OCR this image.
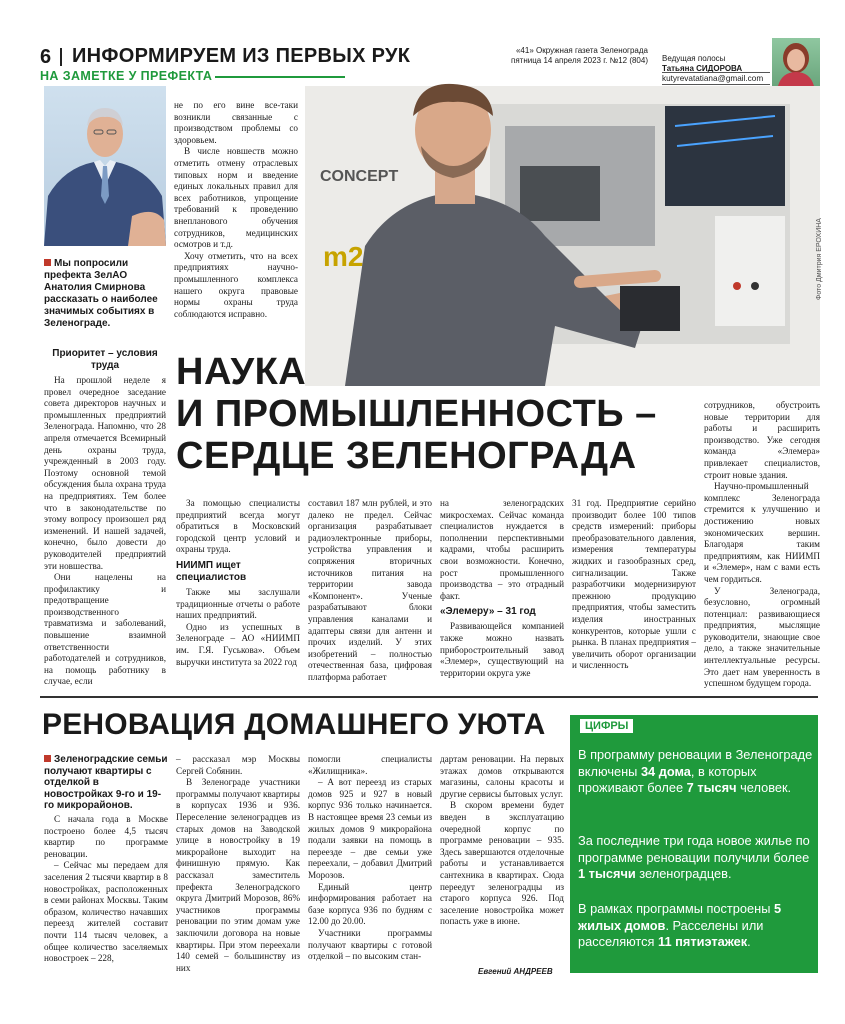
6 ИНФОРМИРУЕМ ИЗ ПЕРВЫХ РУК
НА ЗАМЕТКЕ У ПРЕФЕКТА
«41» Окружная газета Зеленограда
пятница 14 апреля 2023 г. №12 (804) Ведущая полосы
Татьяна СИДОРОВА
kutyrevatatiana@gmail.com
Мы попросили префекта ЗелАО Анатолия Смирнова рассказать о наиболее значимых событиях в Зеленограде.
Приоритет – условия труда

На прошлой неделе я провел очередное заседание совета директоров научных и промышленных предприятий Зеленограда. Напомню, что 28 апреля отмечается Всемирный день охраны труда, учрежденный в 2003 году. Поэтому основной темой обсуждения была охрана труда на предприятиях. Тем более что в законодательстве по этому вопросу произошел ряд изменений. И нашей задачей, конечно, было довести до руководителей предприятий эти новшества.

Они нацелены на профилактику и предотвращение производственного травматизма и заболеваний, повышение взаимной ответственности работодателей и сотрудников, на помощь работнику в случае, если

не по его вине все-таки возникли связанные с производством проблемы со здоровьем.

В числе новшеств можно отметить отмену отраслевых типовых норм и введение единых локальных правил для всех работников, упрощение требований к проведению внепланового обучения сотрудников, медицинских осмотров и т.д.

Хочу отметить, что на всех предприятиях научно-промышленного комплекса нашего округа правовые нормы охраны труда соблюдаются исправно.

CONCEPT
m2	Фото Дмитрия ЕРОХИНА
НАУКА
И ПРОМЫШЛЕННОСТЬ –
СЕРДЦЕ ЗЕЛЕНОГРАДА

За помощью специалисты предприятий всегда могут обратиться в Московский городской центр условий и охраны труда.

НИИМП ищет специалистов

Также мы заслушали традиционные отчеты о работе наших предприятий.

Одно из успешных в Зеленограде – АО «НИИМП им. Г.Я. Гуськова». Объем выручки института за 2022 год

составил 187 млн рублей, и это далеко не предел. Сейчас организация разрабатывает радиоэлектронные приборы, устройства управления и сопряжения вторичных источников питания на территории завода «Компонент». Ученые разрабатывают блоки управления каналами и адаптеры связи для антенн и прочих изделий. У этих изобретений – полностью отечественная база, цифровая платформа работает

на зеленоградских микросхемах. Сейчас команда специалистов нуждается в пополнении перспективными кадрами, чтобы расширить свои возможности. Конечно, рост промышленного производства – это отрадный факт.

«Элемеру» – 31 год

Развивающейся компанией также можно назвать приборостроительный завод «Элемер», существующий на территории округа уже

31 год. Предприятие серийно производит более 100 типов средств измерений: приборы преобразовательного давления, измерения температуры жидких и газообразных сред, сигнализации. Также разработчики модернизируют прежнюю продукцию предприятия, чтобы заместить изделия иностранных конкурентов, которые ушли с рынка. В планах предприятия – увеличить оборот организации и численность

сотрудников, обустроить новые территории для работы и расширить производство. Уже сегодня команда «Элемера» привлекает специалистов, строит новые здания.

Научно-промышленный комплекс Зеленограда стремится к улучшению и достижению новых экономических вершин. Благодаря таким предприятиям, как НИИМП и «Элемер», нам с вами есть чем гордиться.

У Зеленограда, безусловно, огромный потенциал: развивающиеся предприятия, мыслящие руководители, знающие свое дело, а также значительные интеллектуальные ресурсы. Это дает нам уверенность в успешном будущем города.

РЕНОВАЦИЯ ДОМАШНЕГО УЮТА
Зеленоградские семьи получают квартиры с отделкой в новостройках 9-го и 19-го микрорайонов.

С начала года в Москве построено более 4,5 тысяч квартир по программе реновации.

– Сейчас мы передаем для заселения 2 тысячи квартир в 8 новостройках, расположенных в семи районах Москвы. Таким образом, количество начавших переезд жителей составит почти 114 тысяч человек, а общее количество заселяемых новостроек – 228,

– рассказал мэр Москвы Сергей Собянин.

В Зеленограде участники программы получают квартиры в корпусах 1936 и 936. Переселение зеленоградцев из старых домов на Заводской улице в новостройку в 19 микрорайоне выходит на финишную прямую. Как рассказал заместитель префекта Зеленоградского округа Дмитрий Морозов, 86% участников программы реновации по этим домам уже заключили договора на новые квартиры. При этом переехали 140 семей – большинству из них

помогли специалисты «Жилищника».

– А вот переезд из старых домов 925 и 927 в новый корпус 936 только начинается. В настоящее время 23 семьи из жилых домов 9 микрорайона подали заявки на помощь в переезде – две семьи уже переехали, – добавил Дмитрий Морозов.

Единый центр информирования работает на базе корпуса 936 по будням с 12.00 до 20.00.

Участники программы получают квартиры с готовой отделкой – по высоким стан-

дартам реновации. На первых этажах домов открываются магазины, салоны красоты и другие сервисы бытовых услуг.

В скором времени будет введен в эксплуатацию очередной корпус по программе реновации – 935. Здесь завершаются отделочные работы и устанавливается сантехника в квартирах. Сюда переедут зеленоградцы из старого корпуса 926. Под заселение новостройка может попасть уже в июне.

Евгений АНДРЕЕВ
ЦИФРЫ
В программу реновации в Зеленограде включены 34 дома, в которых проживают более 7 тысяч человек.
За последние три года новое жилье по программе реновации получили более 1 тысячи зеленоградцев.
В рамках программы построены 5 жилых домов. Расселены или расселяются 11 пятиэтажек.
